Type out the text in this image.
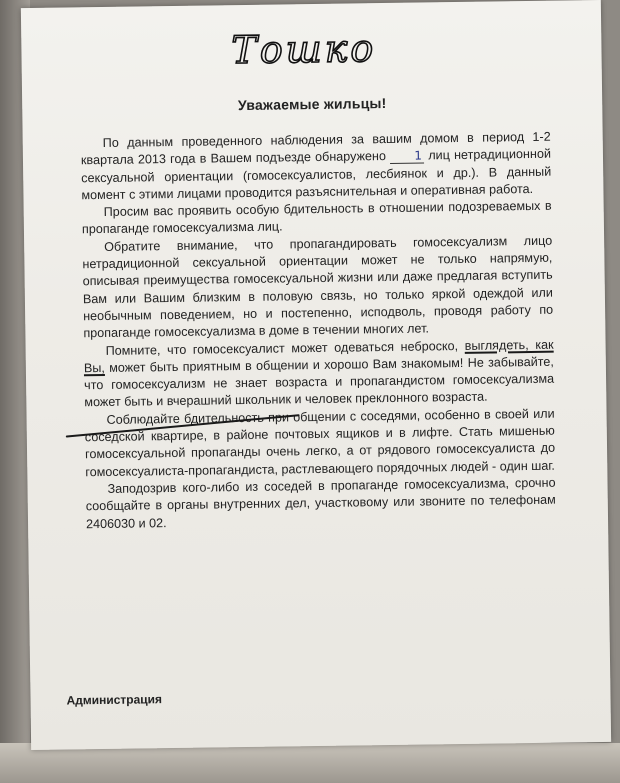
Тошко
Уважаемые жильцы!

По данным проведенного наблюдения за вашим домом в период 1-2 квартала 2013 года в Вашем подъезде обнаружено 1 лиц нетрадиционной сексуальной ориентации (гомосексуалистов, лесбиянок и др.). В данный момент с этими лицами проводится разъяснительная и оперативная работа.

Просим вас проявить особую бдительность в отношении подозреваемых в пропаганде гомосексуализма лиц.

Обратите внимание, что пропагандировать гомосексуализм лицо нетрадиционной сексуальной ориентации может не только напрямую, описывая преимущества гомосексуальной жизни или даже предлагая вступить Вам или Вашим близким в половую связь, но только яркой одеждой или необычным поведением, но и постепенно, исподволь, проводя работу по пропаганде гомосексуализма в доме в течении многих лет.

Помните, что гомосексуалист может одеваться неброско, выглядеть, как Вы, может быть приятным в общении и хорошо Вам знакомым! Не забывайте, что гомосексуализм не знает возраста и пропагандистом гомосексуализма может быть и вчерашний школьник и человек преклонного возраста.

Соблюдайте бдительность при общении с соседями, особенно в своей или соседской квартире, в районе почтовых ящиков и в лифте. Стать мишенью гомосексуальной пропаганды очень легко, а от рядового гомосексуалиста до гомосексуалиста-пропагандиста, растлевающего порядочных людей - один шаг.

Заподозрив кого-либо из соседей в пропаганде гомосексуализма, срочно сообщайте в органы внутренних дел, участковому или звоните по телефонам 2406030 и 02.

Администрация
